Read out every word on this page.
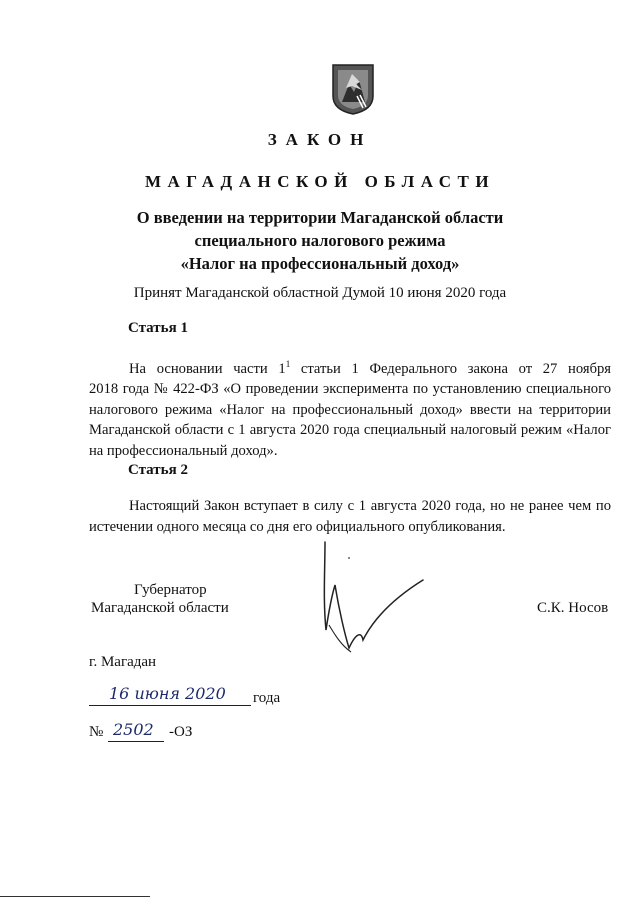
ЗАКОН
МАГАДАНСКОЙ ОБЛАСТИ
О введении на территории Магаданской области
специального налогового режима
«Налог на профессиональный доход»
Принят Магаданской областной Думой 10 июня 2020 года
Статья 1

На основании части $1^1$ статьи 1 Федерального закона от 27 ноября

2018 года № 422-ФЗ «О проведении эксперимента по установлению специального налогового режима «Налог на профессиональный доход» ввести на территории Магаданской области с 1 августа 2020 года специальный налоговый режим «Налог на профессиональный доход».

Статья 2

Настоящий Закон вступает в силу с 1 августа 2020 года, но не ранее чем по истечении одного месяца со дня его официального опубликования.

Губернатор
Магаданской области	С.К. Носов
г. Магадан
16 июня 2020 года
№ 2502 -ОЗ
